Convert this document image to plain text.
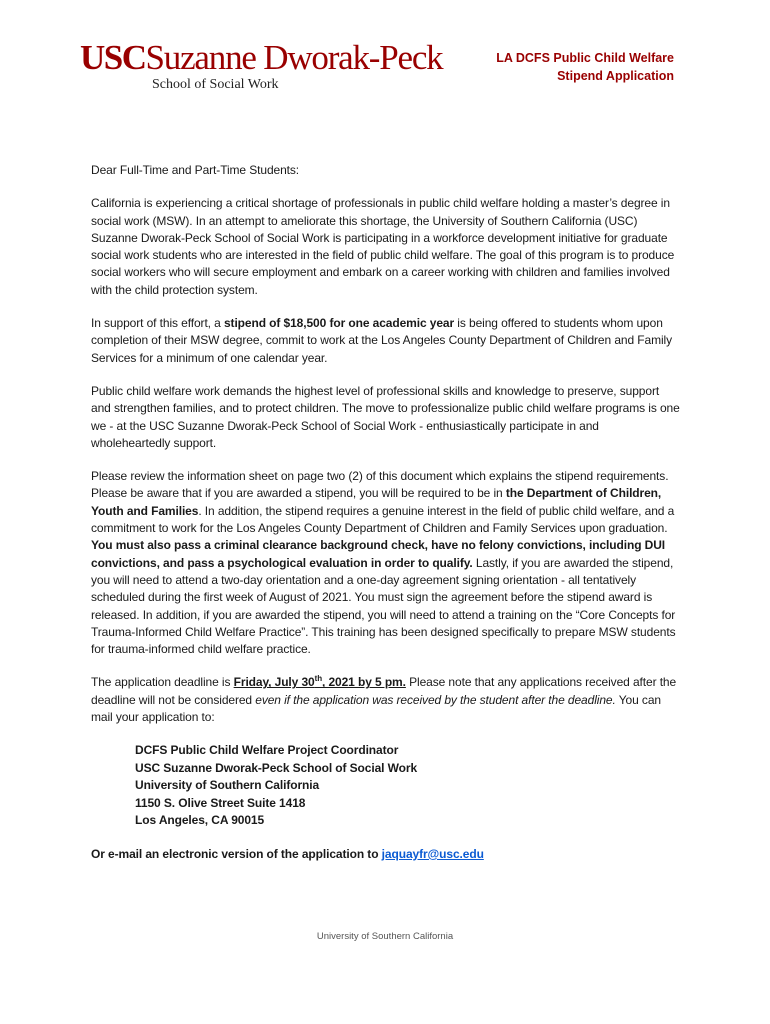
USCSuzanne Dworak-Peck
School of Social Work
LA DCFS Public Child Welfare
Stipend Application

Dear Full-Time and Part-Time Students:

California is experiencing a critical shortage of professionals in public child welfare holding a master’s degree in social work (MSW). In an attempt to ameliorate this shortage, the University of Southern California (USC) Suzanne Dworak-Peck School of Social Work is participating in a workforce development initiative for graduate social work students who are interested in the field of public child welfare. The goal of this program is to produce social workers who will secure employment and embark on a career working with children and families involved with the child protection system.

In support of this effort, a stipend of $18,500 for one academic year is being offered to students whom upon completion of their MSW degree, commit to work at the Los Angeles County Department of Children and Family Services for a minimum of one calendar year.

Public child welfare work demands the highest level of professional skills and knowledge to preserve, support and strengthen families, and to protect children. The move to professionalize public child welfare programs is one we - at the USC Suzanne Dworak-Peck School of Social Work - enthusiastically participate in and wholeheartedly support.

Please review the information sheet on page two (2) of this document which explains the stipend requirements. Please be aware that if you are awarded a stipend, you will be required to be in the Department of Children, Youth and Families. In addition, the stipend requires a genuine interest in the field of public child welfare, and a commitment to work for the Los Angeles County Department of Children and Family Services upon graduation. You must also pass a criminal clearance background check, have no felony convictions, including DUI convictions, and pass a psychological evaluation in order to qualify. Lastly, if you are awarded the stipend, you will need to attend a two-day orientation and a one-day agreement signing orientation - all tentatively scheduled during the first week of August of 2021. You must sign the agreement before the stipend award is released. In addition, if you are awarded the stipend, you will need to attend a training on the “Core Concepts for Trauma-Informed Child Welfare Practice”. This training has been designed specifically to prepare MSW students for trauma-informed child welfare practice.

The application deadline is Friday, July 30th, 2021 by 5 pm. Please note that any applications received after the deadline will not be considered even if the application was received by the student after the deadline. You can mail your application to:

DCFS Public Child Welfare Project Coordinator
USC Suzanne Dworak-Peck School of Social Work
University of Southern California
1150 S. Olive Street Suite 1418
Los Angeles, CA 90015

Or e-mail an electronic version of the application to jaquayfr@usc.edu

University of Southern California
